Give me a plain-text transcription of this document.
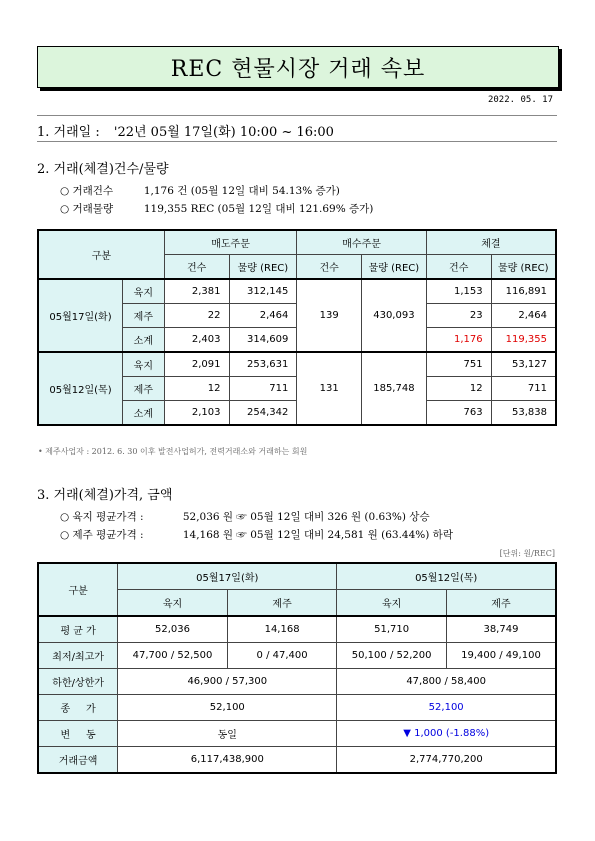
REC 현물시장 거래 속보
2022. 05. 17
1. 거래일 : '22년 05월 17일(화) 10:00 ~ 16:00
2. 거래(체결)건수/물량
○ 거래건수	1,176 건 (05월 12일 대비 54.13% 증가)
○ 거래물량	119,355 REC (05월 12일 대비 121.69% 증가)
구분		매도주문		매수주문		체결	
		건수	물량 (REC)	건수	물량 (REC)	건수	물량 (REC)
05월17일(화)	육지	2,381	312,145	139	430,093	1,153	116,891
	제주	22	2,464			23	2,464
	소계	2,403	314,609			1,176	119,355
05월12일(목)	육지	2,091	253,631	131	185,748	751	53,127
	제주	12	711			12	711
	소계	2,103	254,342			763	53,838
• 제주사업자 : 2012. 6. 30 이후 발전사업허가, 전력거래소와 거래하는 회원
3. 거래(체결)가격, 금액
○ 육지 평균가격 :	52,036 원 ☞ 05월 12일 대비 326 원 (0.63%) 상승
○ 제주 평균가격 :	14,168 원 ☞ 05월 12일 대비 24,581 원 (63.44%) 하락
[단위: 원/REC]
구분	05월17일(화)		05월12일(목)	
	육지	제주	육지	제주
평 균 가	52,036	14,168	51,710	38,749
최저/최고가	47,700 / 52,500	0 / 47,400	50,100 / 52,200	19,400 / 49,100
하한/상한가	46,900 / 57,300		47,800 / 58,400	
종     가	52,100		52,100	
변     동	동일		▼ 1,000 (-1.88%)	
거래금액	6,117,438,900		2,774,770,200	
